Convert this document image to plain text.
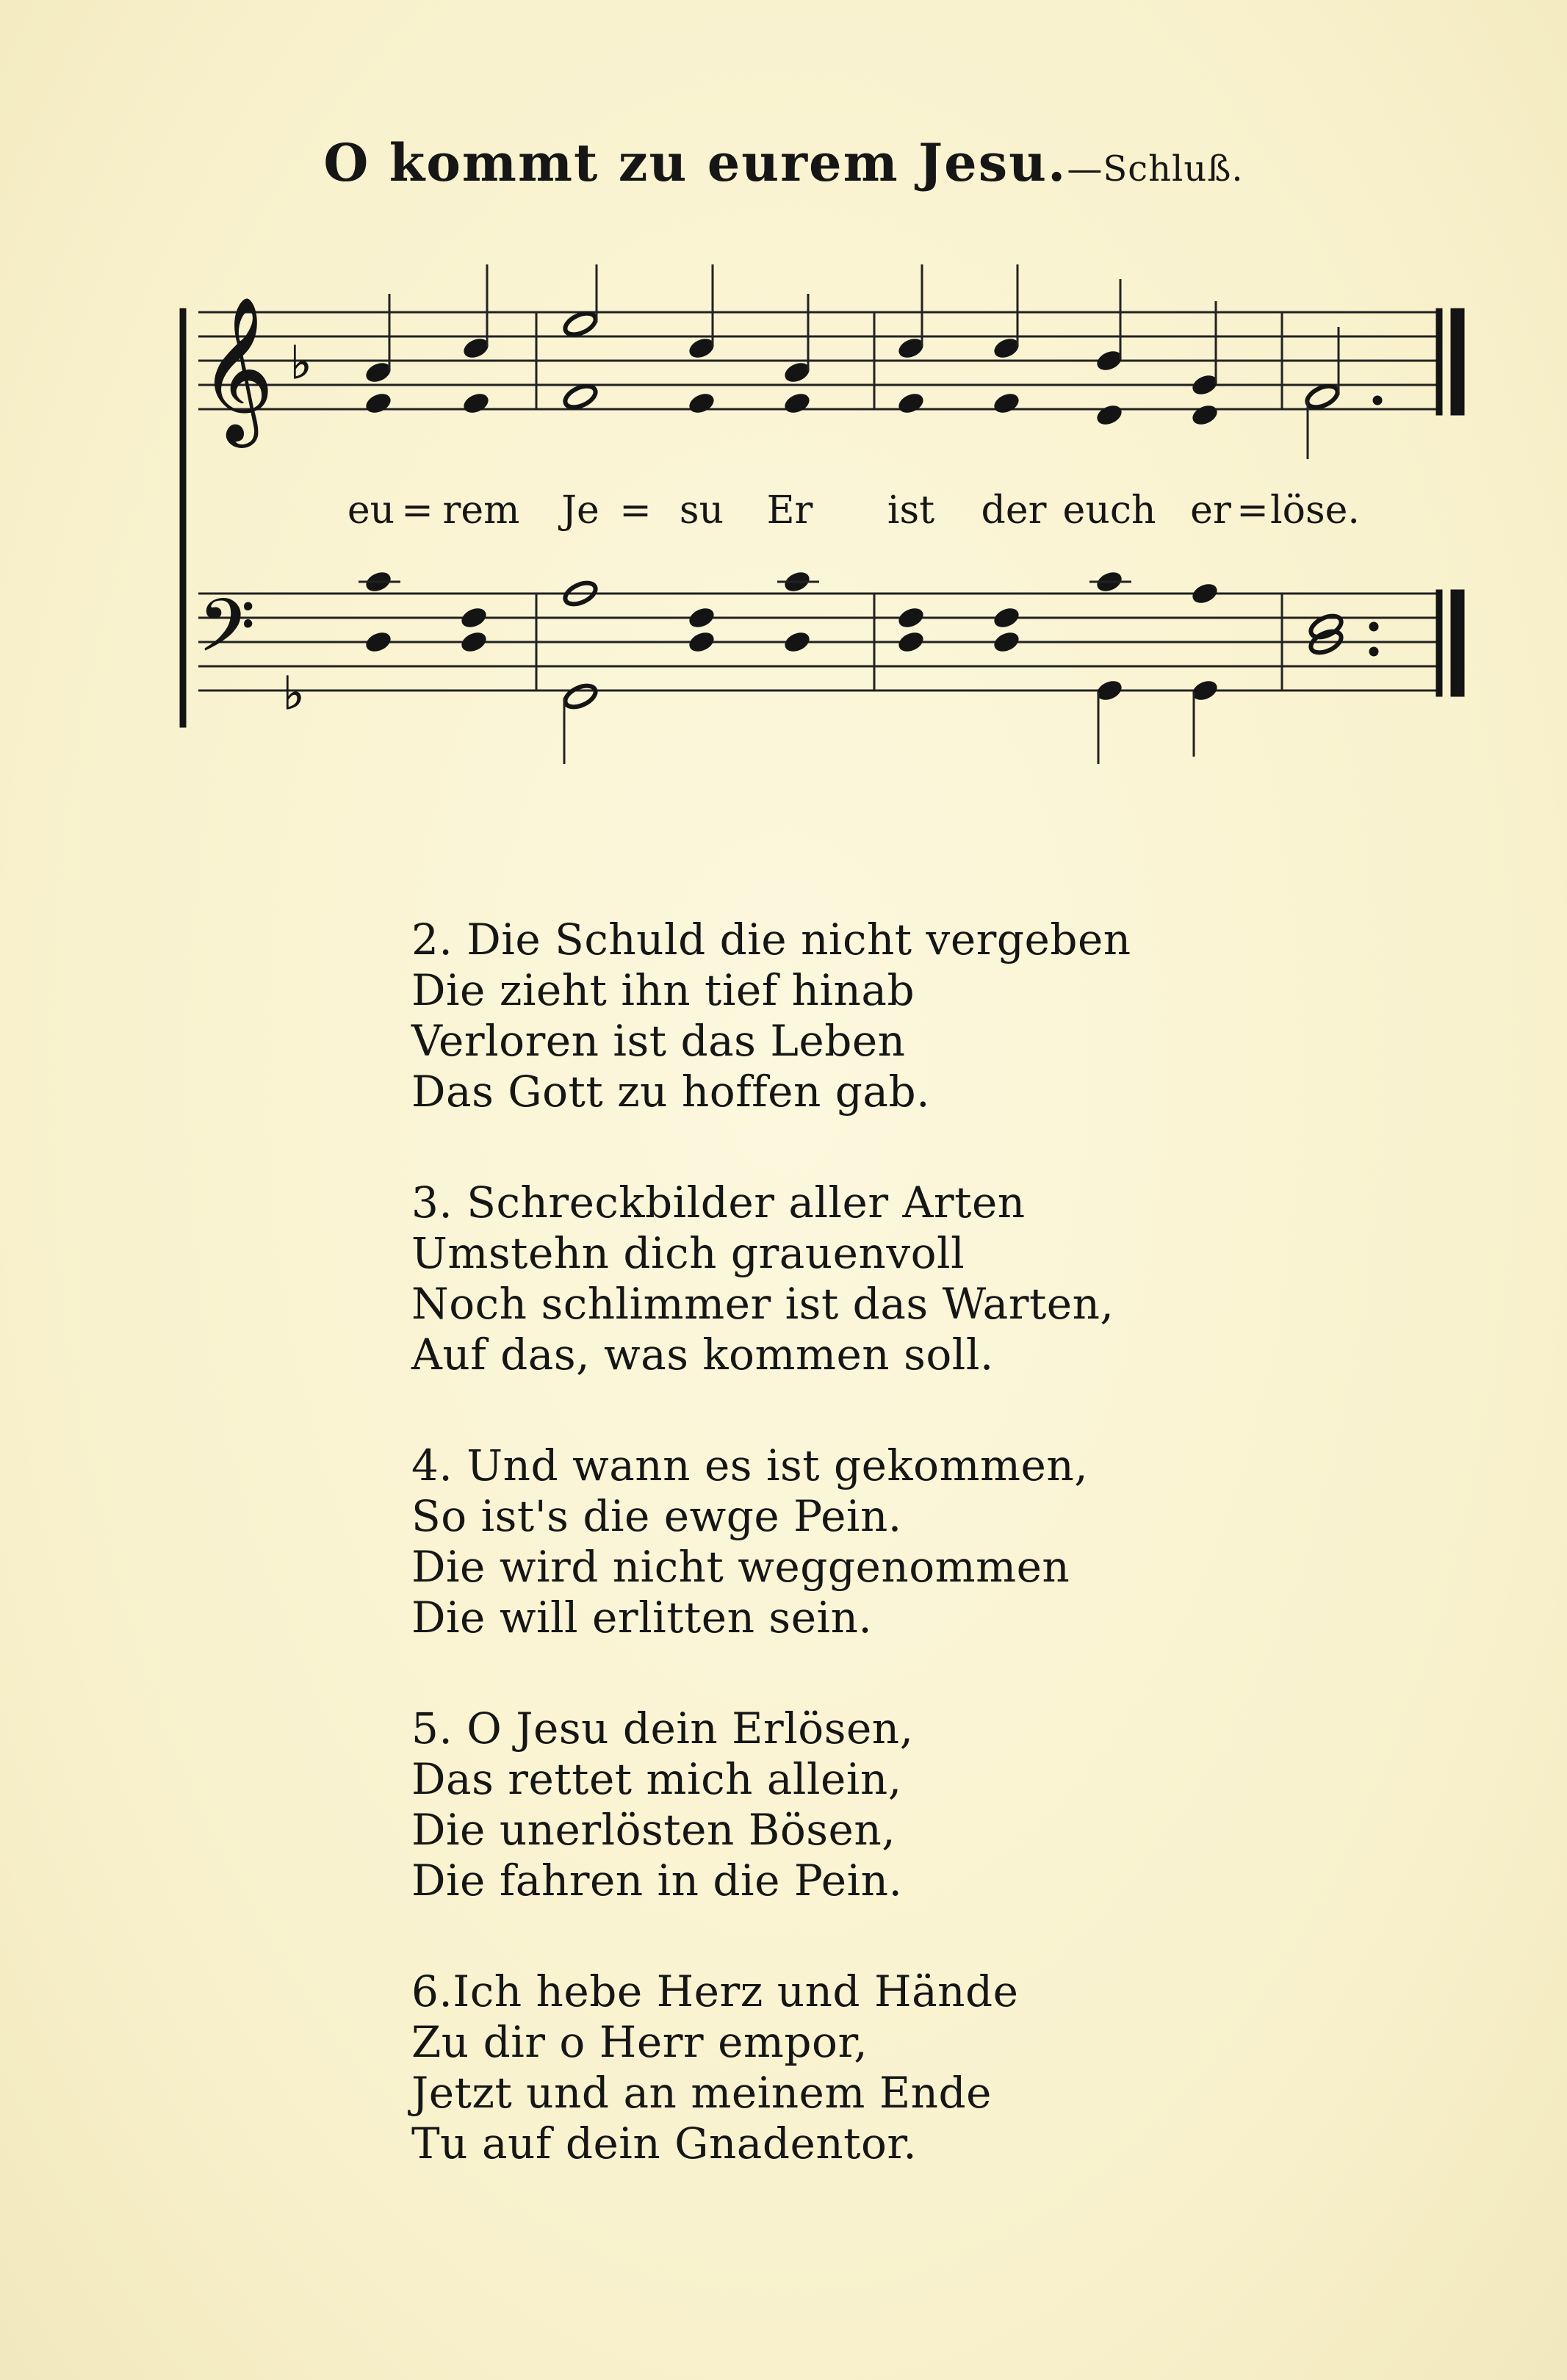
O kommt zu eurem Jesu.—Schluß.
𝄞 ♭
𝄢
♭
eu = rem Je = su Er ist der euch er = löse.
2. Die Schuld die nicht vergeben
Die zieht ihn tief hinab
Verloren ist das Leben
Das Gott zu hoffen gab.
3. Schreckbilder aller Arten
Umstehn dich grauenvoll
Noch schlimmer ist das Warten,
Auf das, was kommen soll.
4. Und wann es ist gekommen,
So ist's die ewge Pein.
Die wird nicht weggenommen
Die will erlitten sein.
5. O Jesu dein Erlösen,
Das rettet mich allein,
Die unerlösten Bösen,
Die fahren in die Pein.
6.Ich hebe Herz und Hände
Zu dir o Herr empor,
Jetzt und an meinem Ende
Tu auf dein Gnadentor.
